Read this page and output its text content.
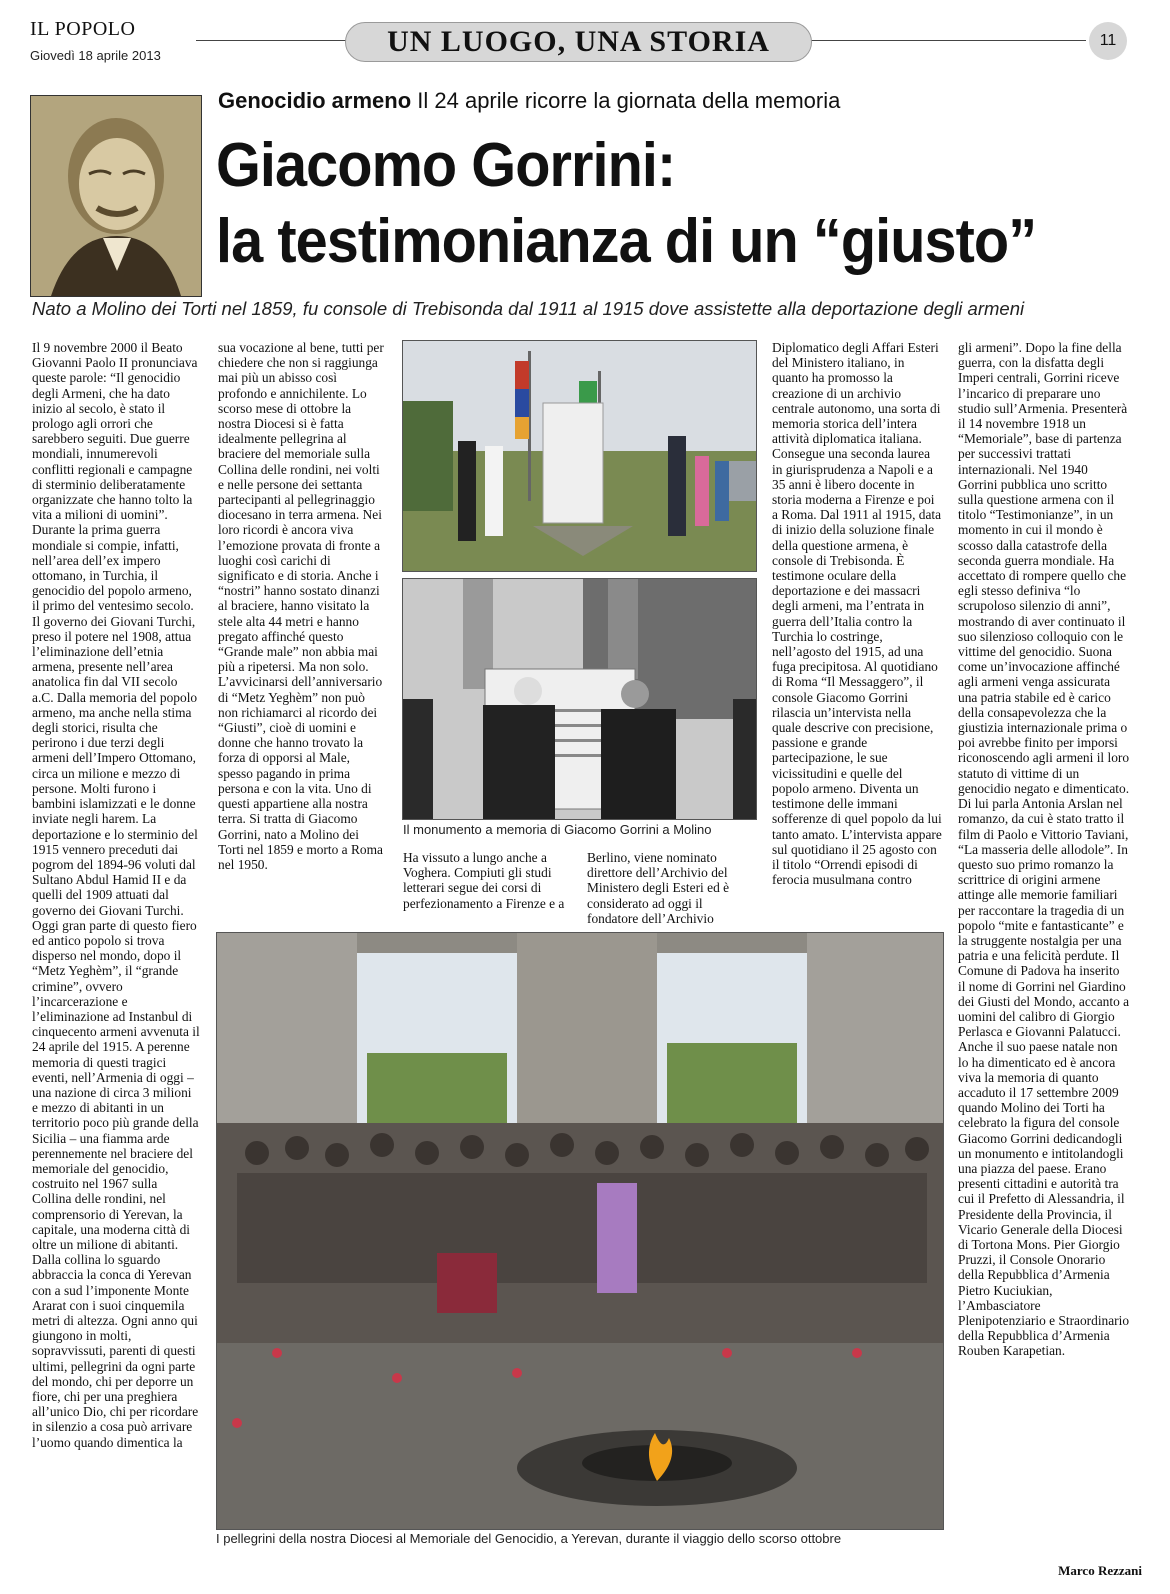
IL POPOLO
Giovedì 18 aprile 2013	UN LUOGO, UNA STORIA	11
Genocidio armeno Il 24 aprile ricorre la giornata della memoria
Giacomo Gorrini:
la testimonianza di un “giusto”
Nato a Molino dei Torti nel 1859, fu console di Trebisonda dal 1911 al 1915 dove assistette alla deportazione degli armeni

Il 9 novembre 2000 il Beato Giovanni Paolo II pronunciava queste parole: “Il genocidio degli Armeni, che ha dato inizio al secolo, è stato il prologo agli orrori che sarebbero seguiti. Due guerre mondiali, innumerevoli conflitti regionali e campagne di sterminio deliberatamente organizzate che hanno tolto la vita a milioni di uomini”. Durante la prima guerra mondiale si compie, infatti, nell’area dell’ex impero ottomano, in Turchia, il genocidio del popolo armeno, il primo del ventesimo secolo. Il governo dei Giovani Turchi, preso il potere nel 1908, attua l’eliminazione dell’etnia armena, presente nell’area anatolica fin dal VII secolo a.C. Dalla memoria del popolo armeno, ma anche nella stima degli storici, risulta che perirono i due terzi degli armeni dell’Impero Ottomano, circa un milione e mezzo di persone. Molti furono i bambini islamizzati e le donne inviate negli harem. La deportazione e lo sterminio del 1915 vennero preceduti dai pogrom del 1894-96 voluti dal Sultano Abdul Hamid II e da quelli del 1909 attuati dal governo dei Giovani Turchi. Oggi gran parte di questo fiero ed antico popolo si trova disperso nel mondo, dopo il “Metz Yeghèm”, il “grande crimine”, ovvero l’incarcerazione e l’eliminazione ad Instanbul di cinquecento armeni avvenuta il 24 aprile del 1915. A perenne memoria di questi tragici eventi, nell’Armenia di oggi – una nazione di circa 3 milioni e mezzo di abitanti in un territorio poco più grande della Sicilia – una fiamma arde perennemente nel braciere del memoriale del genocidio, costruito nel 1967 sulla Collina delle rondini, nel comprensorio di Yerevan, la capitale, una moderna città di oltre un milione di abitanti. Dalla collina lo sguardo abbraccia la conca di Yerevan con a sud l’imponente Monte Ararat con i suoi cinquemila metri di altezza. Ogni anno qui giungono in molti, sopravvissuti, parenti di questi ultimi, pellegrini da ogni parte del mondo, chi per deporre un fiore, chi per una preghiera all’unico Dio, chi per ricordare in silenzio a cosa può arrivare l’uomo quando dimentica la

sua vocazione al bene, tutti per chiedere che non si raggiunga mai più un abisso così profondo e annichilente. Lo scorso mese di ottobre la nostra Diocesi si è fatta idealmente pellegrina al braciere del memoriale sulla Collina delle rondini, nei volti e nelle persone dei settanta partecipanti al pellegrinaggio diocesano in terra armena. Nei loro ricordi è ancora viva l’emozione provata di fronte a luoghi così carichi di significato e di storia. Anche i “nostri” hanno sostato dinanzi al braciere, hanno visitato la stele alta 44 metri e hanno pregato affinché questo “Grande male” non abbia mai più a ripetersi. Ma non solo. L’avvicinarsi dell’anniversario di “Metz Yeghèm” non può non richiamarci al ricordo dei “Giusti”, cioè di uomini e donne che hanno trovato la forza di opporsi al Male, spesso pagando in prima persona e con la vita. Uno di questi appartiene alla nostra terra. Si tratta di Giacomo Gorrini, nato a Molino dei Torti nel 1859 e morto a Roma nel 1950.

Il monumento a memoria di Giacomo Gorrini a Molino

Ha vissuto a lungo anche a Voghera. Compiuti gli studi letterari segue dei corsi di perfezionamento a Firenze e a

Berlino, viene nominato direttore dell’Archivio del Ministero degli Esteri ed è considerato ad oggi il fondatore dell’Archivio

Diplomatico degli Affari Esteri del Ministero italiano, in quanto ha promosso la creazione di un archivio centrale autonomo, una sorta di memoria storica dell’intera attività diplomatica italiana. Consegue una seconda laurea in giurisprudenza a Napoli e a 35 anni è libero docente in storia moderna a Firenze e poi a Roma. Dal 1911 al 1915, data di inizio della soluzione finale della questione armena, è console di Trebisonda. È testimone oculare della deportazione e dei massacri degli armeni, ma l’entrata in guerra dell’Italia contro la Turchia lo costringe, nell’agosto del 1915, ad una fuga precipitosa. Al quotidiano di Roma “Il Messaggero”, il console Giacomo Gorrini rilascia un’intervista nella quale descrive con precisione, passione e grande partecipazione, le sue vicissitudini e quelle del popolo armeno. Diventa un testimone delle immani sofferenze di quel popolo da lui tanto amato. L’intervista appare sul quotidiano il 25 agosto con il titolo “Orrendi episodi di ferocia musulmana contro

gli armeni”. Dopo la fine della guerra, con la disfatta degli Imperi centrali, Gorrini riceve l’incarico di preparare uno studio sull’Armenia. Presenterà il 14 novembre 1918 un “Memoriale”, base di partenza per successivi trattati internazionali. Nel 1940 Gorrini pubblica uno scritto sulla questione armena con il titolo “Testimonianze”, in un momento in cui il mondo è scosso dalla catastrofe della seconda guerra mondiale. Ha accettato di rompere quello che egli stesso definiva “lo scrupoloso silenzio di anni”, mostrando di aver continuato il suo silenzioso colloquio con le vittime del genocidio. Suona come un’invocazione affinché agli armeni venga assicurata una patria stabile ed è carico della consapevolezza che la giustizia internazionale prima o poi avrebbe finito per imporsi riconoscendo agli armeni il loro statuto di vittime di un genocidio negato e dimenticato. Di lui parla Antonia Arslan nel romanzo, da cui è stato tratto il film di Paolo e Vittorio Taviani, “La masseria delle allodole”. In questo suo primo romanzo la scrittrice di origini armene attinge alle memorie familiari per raccontare la tragedia di un popolo “mite e fantasticante” e la struggente nostalgia per una patria e una felicità perdute. Il Comune di Padova ha inserito il nome di Gorrini nel Giardino dei Giusti del Mondo, accanto a uomini del calibro di Giorgio Perlasca e Giovanni Palatucci. Anche il suo paese natale non lo ha dimenticato ed è ancora viva la memoria di quanto accaduto il 17 settembre 2009 quando Molino dei Torti ha celebrato la figura del console Giacomo Gorrini dedicandogli un monumento e intitolandogli una piazza del paese. Erano presenti cittadini e autorità tra cui il Prefetto di Alessandria, il Presidente della Provincia, il Vicario Generale della Diocesi di Tortona Mons. Pier Giorgio Pruzzi, il Console Onorario della Repubblica d’Armenia Pietro Kuciukian, l’Ambasciatore Plenipotenziario e Straordinario della Repubblica d’Armenia Rouben Karapetian.

I pellegrini della nostra Diocesi al Memoriale del Genocidio, a Yerevan, durante il viaggio dello scorso ottobre
Marco Rezzani
